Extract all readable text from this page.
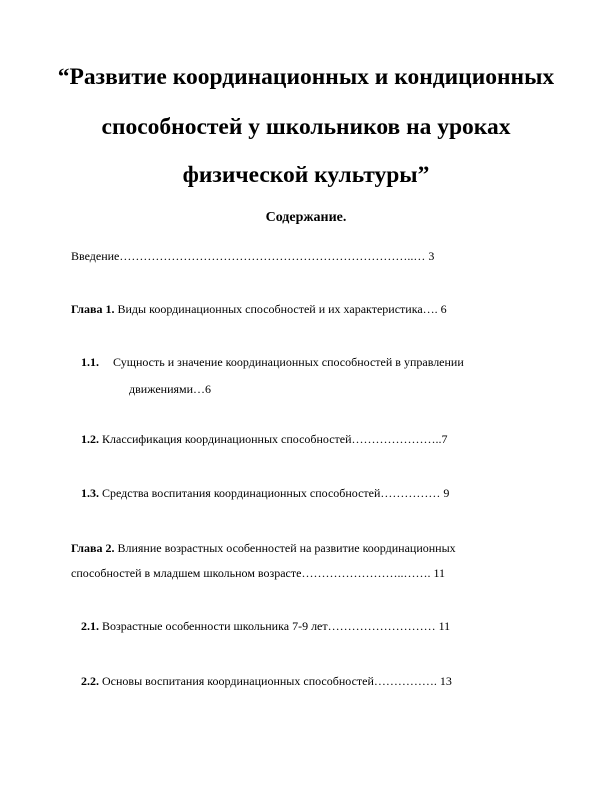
“Развитие координационных и кондиционных
способностей у школьников на уроках
физической культуры”
Содержание.
Введение………………………………………………………………..… 3
Глава 1. Виды координационных способностей и их характеристика…. 6
1.1. Сущность и значение координационных способностей в управлении
движениями…6
1.2. Классификация координационных способностей…………………..7
1.3. Средства воспитания координационных способностей…………… 9
Глава 2. Влияние возрастных особенностей на развитие координационных
способностей в младшем школьном возрасте……………………..……. 11
2.1. Возрастные особенности школьника 7-9 лет……………………… 11
2.2. Основы воспитания координационных способностей……………. 13
